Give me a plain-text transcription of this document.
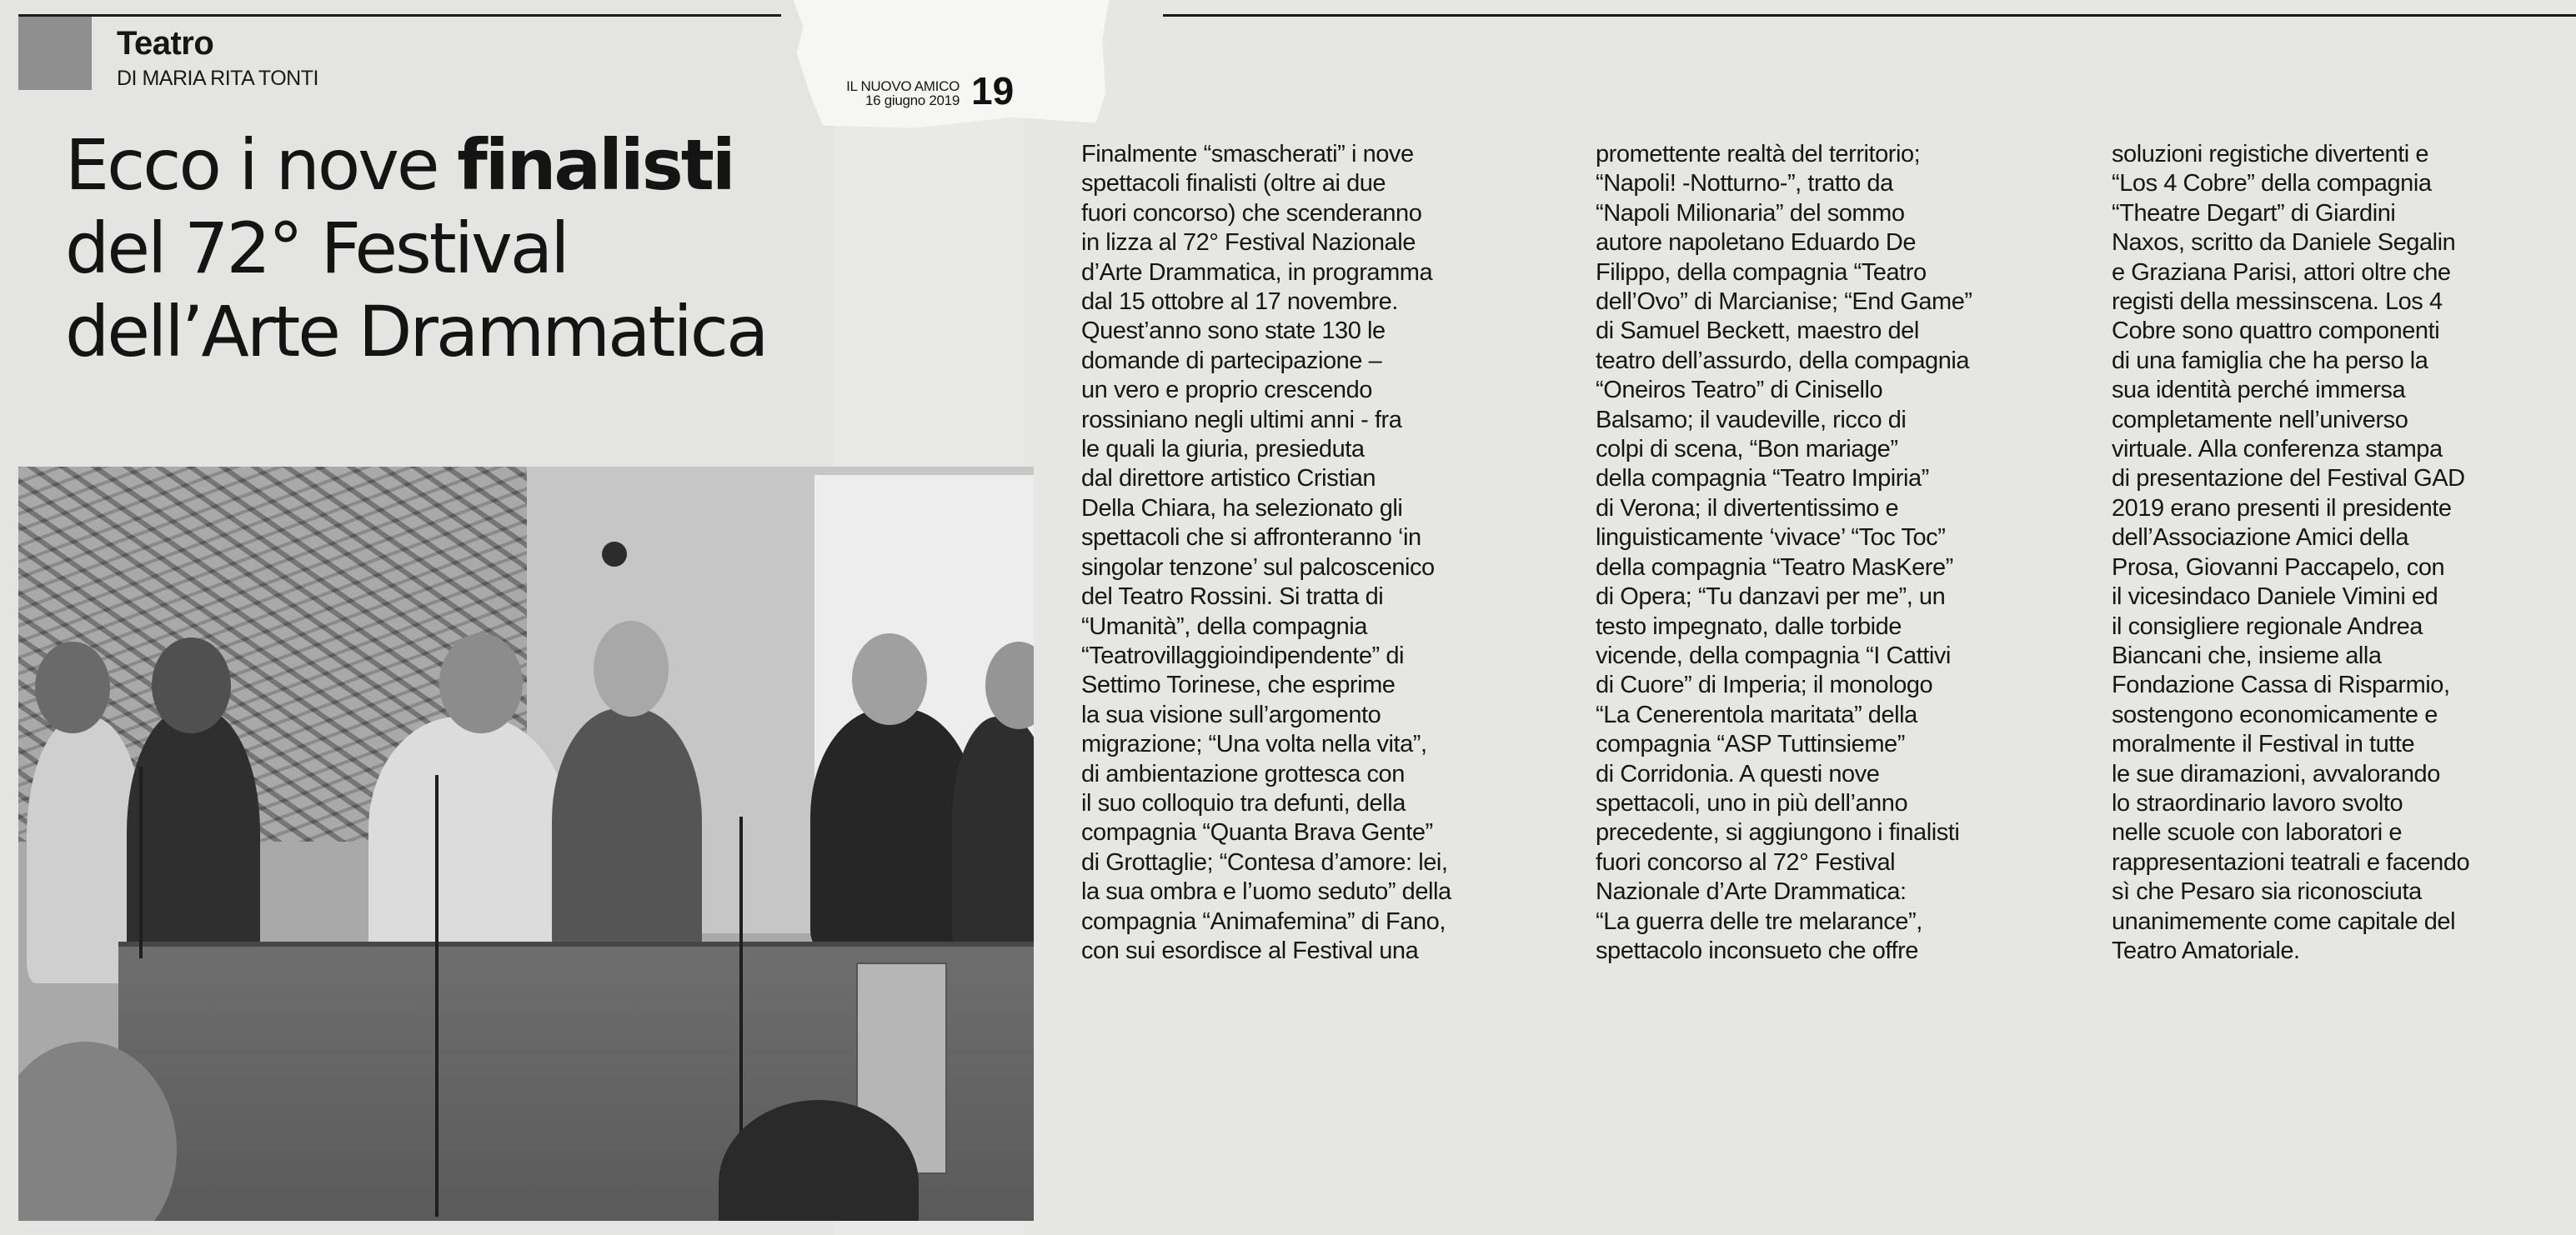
Teatro
DI MARIA RITA TONTI	IL NUOVO AMICO
16 giugno 2019 19
Ecco i nove finalisti
del 72° Festival
dell’Arte Drammatica
Finalmente “smascherati” i nove
spettacoli finalisti (oltre ai due
fuori concorso) che scenderanno
in lizza al 72° Festival Nazionale
d’Arte Drammatica, in programma
dal 15 ottobre al 17 novembre.
Quest’anno sono state 130 le
domande di partecipazione –
un vero e proprio crescendo
rossiniano negli ultimi anni - fra
le quali la giuria, presieduta
dal direttore artistico Cristian
Della Chiara, ha selezionato gli
spettacoli che si affronteranno ‘in
singolar tenzone’ sul palcoscenico
del Teatro Rossini. Si tratta di
“Umanità”, della compagnia
“Teatrovillaggioindipendente” di
Settimo Torinese, che esprime
la sua visione sull’argomento
migrazione; “Una volta nella vita”,
di ambientazione grottesca con
il suo colloquio tra defunti, della
compagnia “Quanta Brava Gente”
di Grottaglie; “Contesa d’amore: lei,
la sua ombra e l’uomo seduto” della
compagnia “Animafemina” di Fano,
con sui esordisce al Festival una
promettente realtà del territorio;
“Napoli! -Notturno-”, tratto da
“Napoli Milionaria” del sommo
autore napoletano Eduardo De
Filippo, della compagnia “Teatro
dell’Ovo” di Marcianise; “End Game”
di Samuel Beckett, maestro del
teatro dell’assurdo, della compagnia
“Oneiros Teatro” di Cinisello
Balsamo; il vaudeville, ricco di
colpi di scena, “Bon mariage”
della compagnia “Teatro Impiria”
di Verona; il divertentissimo e
linguisticamente ‘vivace’ “Toc Toc”
della compagnia “Teatro MasKere”
di Opera; “Tu danzavi per me”, un
testo impegnato, dalle torbide
vicende, della compagnia “I Cattivi
di Cuore” di Imperia; il monologo
“La Cenerentola maritata” della
compagnia “ASP Tuttinsieme”
di Corridonia. A questi nove
spettacoli, uno in più dell’anno
precedente, si aggiungono i finalisti
fuori concorso al 72° Festival
Nazionale d’Arte Drammatica:
“La guerra delle tre melarance”,
spettacolo inconsueto che offre
soluzioni registiche divertenti e
“Los 4 Cobre” della compagnia
“Theatre Degart” di Giardini
Naxos, scritto da Daniele Segalin
e Graziana Parisi, attori oltre che
registi della messinscena. Los 4
Cobre sono quattro componenti
di una famiglia che ha perso la
sua identità perché immersa
completamente nell’universo
virtuale. Alla conferenza stampa
di presentazione del Festival GAD
2019 erano presenti il presidente
dell’Associazione Amici della
Prosa, Giovanni Paccapelo, con
il vicesindaco Daniele Vimini ed
il consigliere regionale Andrea
Biancani che, insieme alla
Fondazione Cassa di Risparmio,
sostengono economicamente e
moralmente il Festival in tutte
le sue diramazioni, avvalorando
lo straordinario lavoro svolto
nelle scuole con laboratori e
rappresentazioni teatrali e facendo
sì che Pesaro sia riconosciuta
unanimemente come capitale del
Teatro Amatoriale.
